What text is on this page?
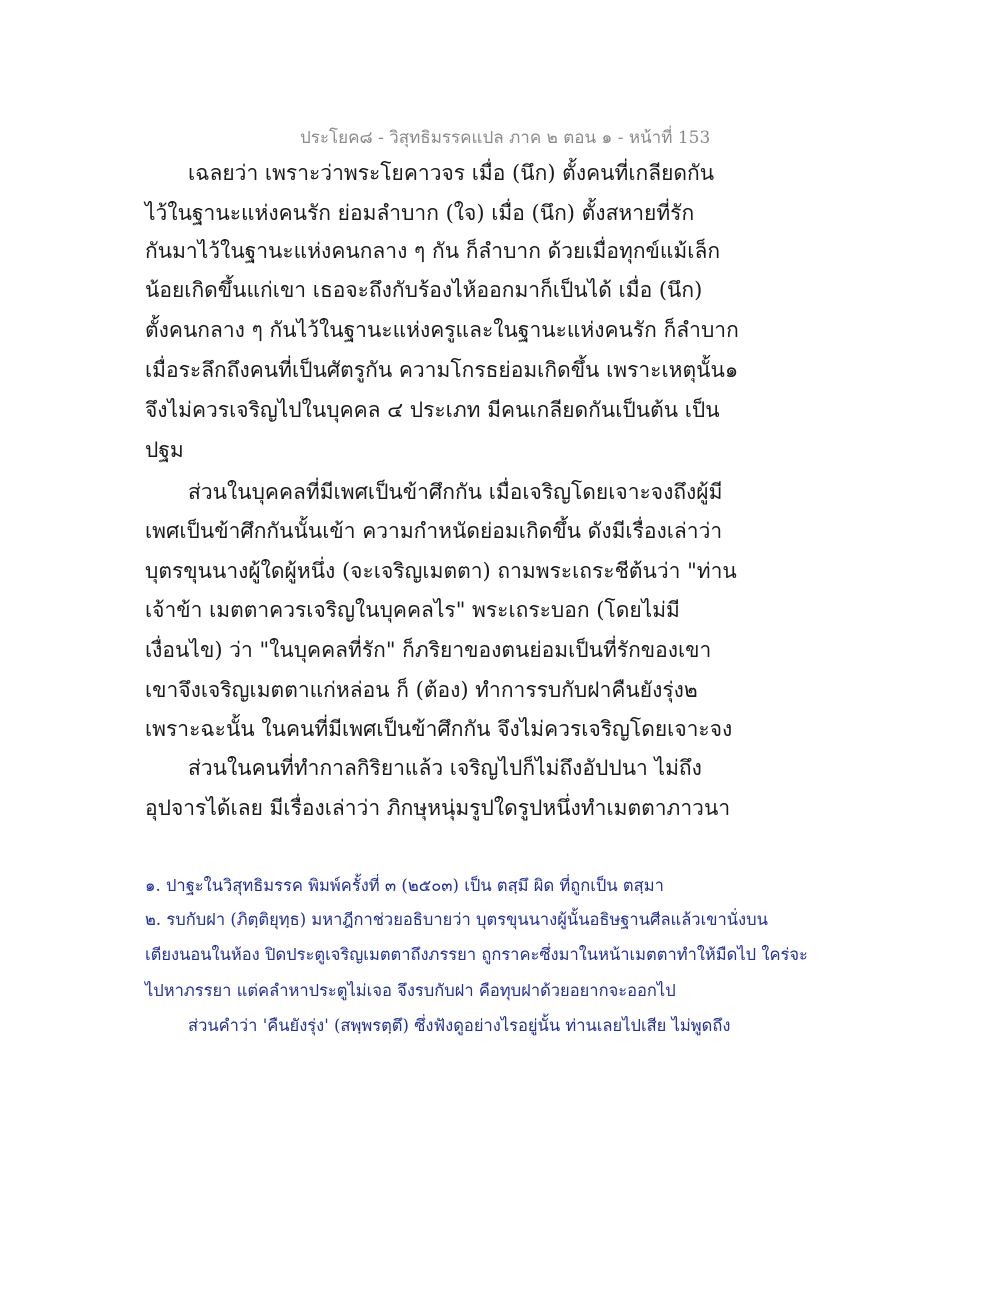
ประโยค๘ - วิสุทธิมรรคแปล ภาค ๒ ตอน ๑ - หน้าที่ 153
เฉลยว่า เพราะว่าพระโยคาวจร เมื่อ (นึก) ตั้งคนที่เกลียดกัน
ไว้ในฐานะแห่งคนรัก ย่อมลำบาก (ใจ) เมื่อ (นึก) ตั้งสหายที่รัก
กันมาไว้ในฐานะแห่งคนกลาง ๆ กัน ก็ลำบาก ด้วยเมื่อทุกข์แม้เล็ก
น้อยเกิดขึ้นแก่เขา เธอจะถึงกับร้องไห้ออกมาก็เป็นได้ เมื่อ (นึก)
ตั้งคนกลาง ๆ กันไว้ในฐานะแห่งครูและในฐานะแห่งคนรัก ก็ลำบาก
เมื่อระลึกถึงคนที่เป็นศัตรูกัน ความโกรธย่อมเกิดขึ้น เพราะเหตุนั้น๑
จึงไม่ควรเจริญไปในบุคคล ๔ ประเภท มีคนเกลียดกันเป็นต้น เป็น
ปฐม
ส่วนในบุคคลที่มีเพศเป็นข้าศึกกัน เมื่อเจริญโดยเจาะจงถึงผู้มี
เพศเป็นข้าศึกกันนั้นเข้า ความกำหนัดย่อมเกิดขึ้น ดังมีเรื่องเล่าว่า
บุตรขุนนางผู้ใดผู้หนึ่ง (จะเจริญเมตตา) ถามพระเถระชีต้นว่า "ท่าน
เจ้าข้า เมตตาควรเจริญในบุคคลไร" พระเถระบอก (โดยไม่มี
เงื่อนไข) ว่า "ในบุคคลที่รัก" ก็ภริยาของตนย่อมเป็นที่รักของเขา
เขาจึงเจริญเมตตาแก่หล่อน ก็ (ต้อง) ทำการรบกับฝาคืนยังรุ่ง๒
เพราะฉะนั้น ในคนที่มีเพศเป็นข้าศึกกัน จึงไม่ควรเจริญโดยเจาะจง
ส่วนในคนที่ทำกาลกิริยาแล้ว เจริญไปก็ไม่ถึงอัปปนา ไม่ถึง
อุปจารได้เลย มีเรื่องเล่าว่า ภิกษุหนุ่มรูปใดรูปหนึ่งทำเมตตาภาวนา
๑. ปาฐะในวิสุทธิมรรค พิมพ์ครั้งที่ ๓ (๒๕๐๓) เป็น ตสฺมึ ผิด ที่ถูกเป็น ตสฺมา
๒. รบกับฝา (ภิตฺติยุทฺธ) มหาฎีกาช่วยอธิบายว่า บุตรขุนนางผู้นั้นอธิษฐานศีลแล้วเขานั่งบน
เตียงนอนในห้อง ปิดประตูเจริญเมตตาถึงภรรยา ถูกราคะซึ่งมาในหน้าเมตตาทำให้มืดไป ใคร่จะ
ไปหาภรรยา แต่คลำหาประตูไม่เจอ จึงรบกับฝา คือทุบฝาด้วยอยากจะออกไป
ส่วนคำว่า 'คืนยังรุ่ง' (สพฺพรตฺตึ) ซึ่งฟังดูอย่างไรอยู่นั้น ท่านเลยไปเสีย ไม่พูดถึง
